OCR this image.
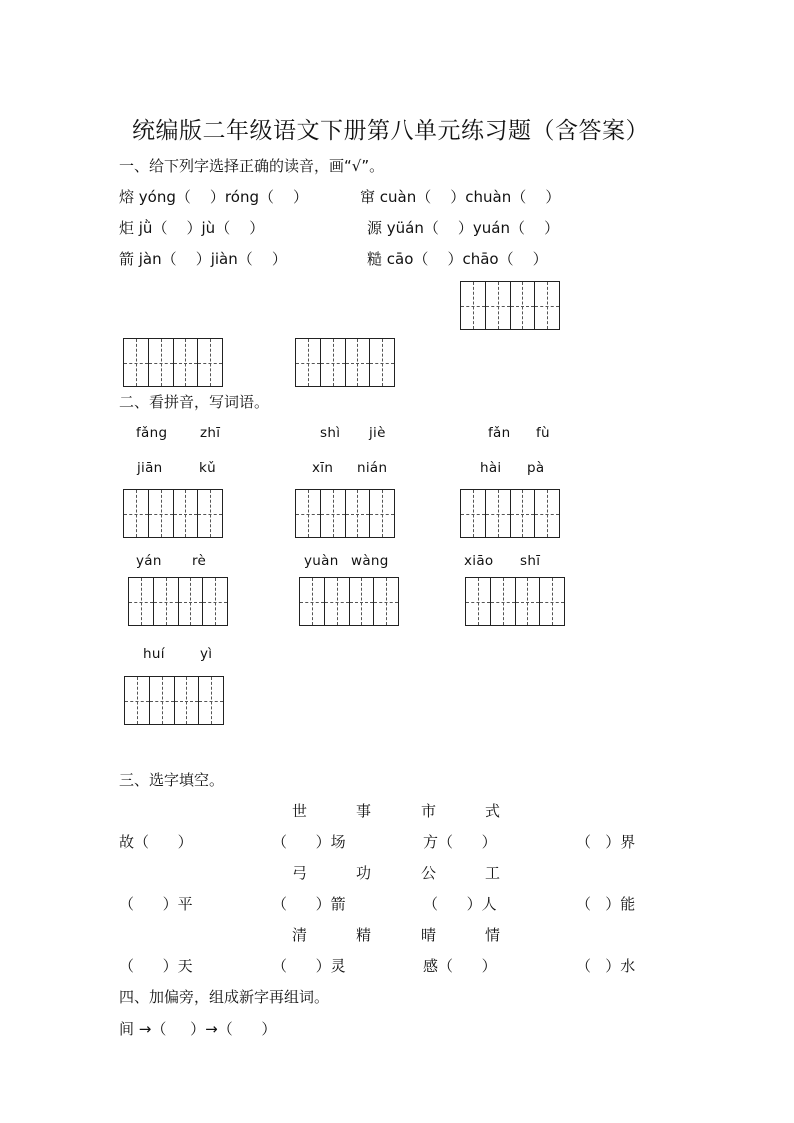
统编版二年级语文下册第八单元练习题（含答案）
一、给下列字选择正确的读音，画“√”。
熔 yóng（    ）róng（    ）	窜 cuàn（    ）chuàn（    ）
炬 jǜ（    ）jù（    ）	源 yüán（    ）yuán（    ）
箭 jàn（    ）jiàn（    ）	糙 cāo（    ）chāo（    ）
二、看拼音，写词语。
fǎng zhī	shì jiè	fǎn fù
jiān	kǔ	xīn nián	hài pà
yán rè	yuàn wàng	xiāo shī
huí	yì
三、选字填空。
世	事	市	式
故（      ）	（      ）场	方（      ）	（   ）界
弓	功	公	工
（      ）平	（      ）箭	（      ）人	（   ）能
清	精	晴	情
（      ）天	（      ）灵	感（      ）	（   ）水
四、加偏旁，组成新字再组词。
间 →（     ）→（      ）
